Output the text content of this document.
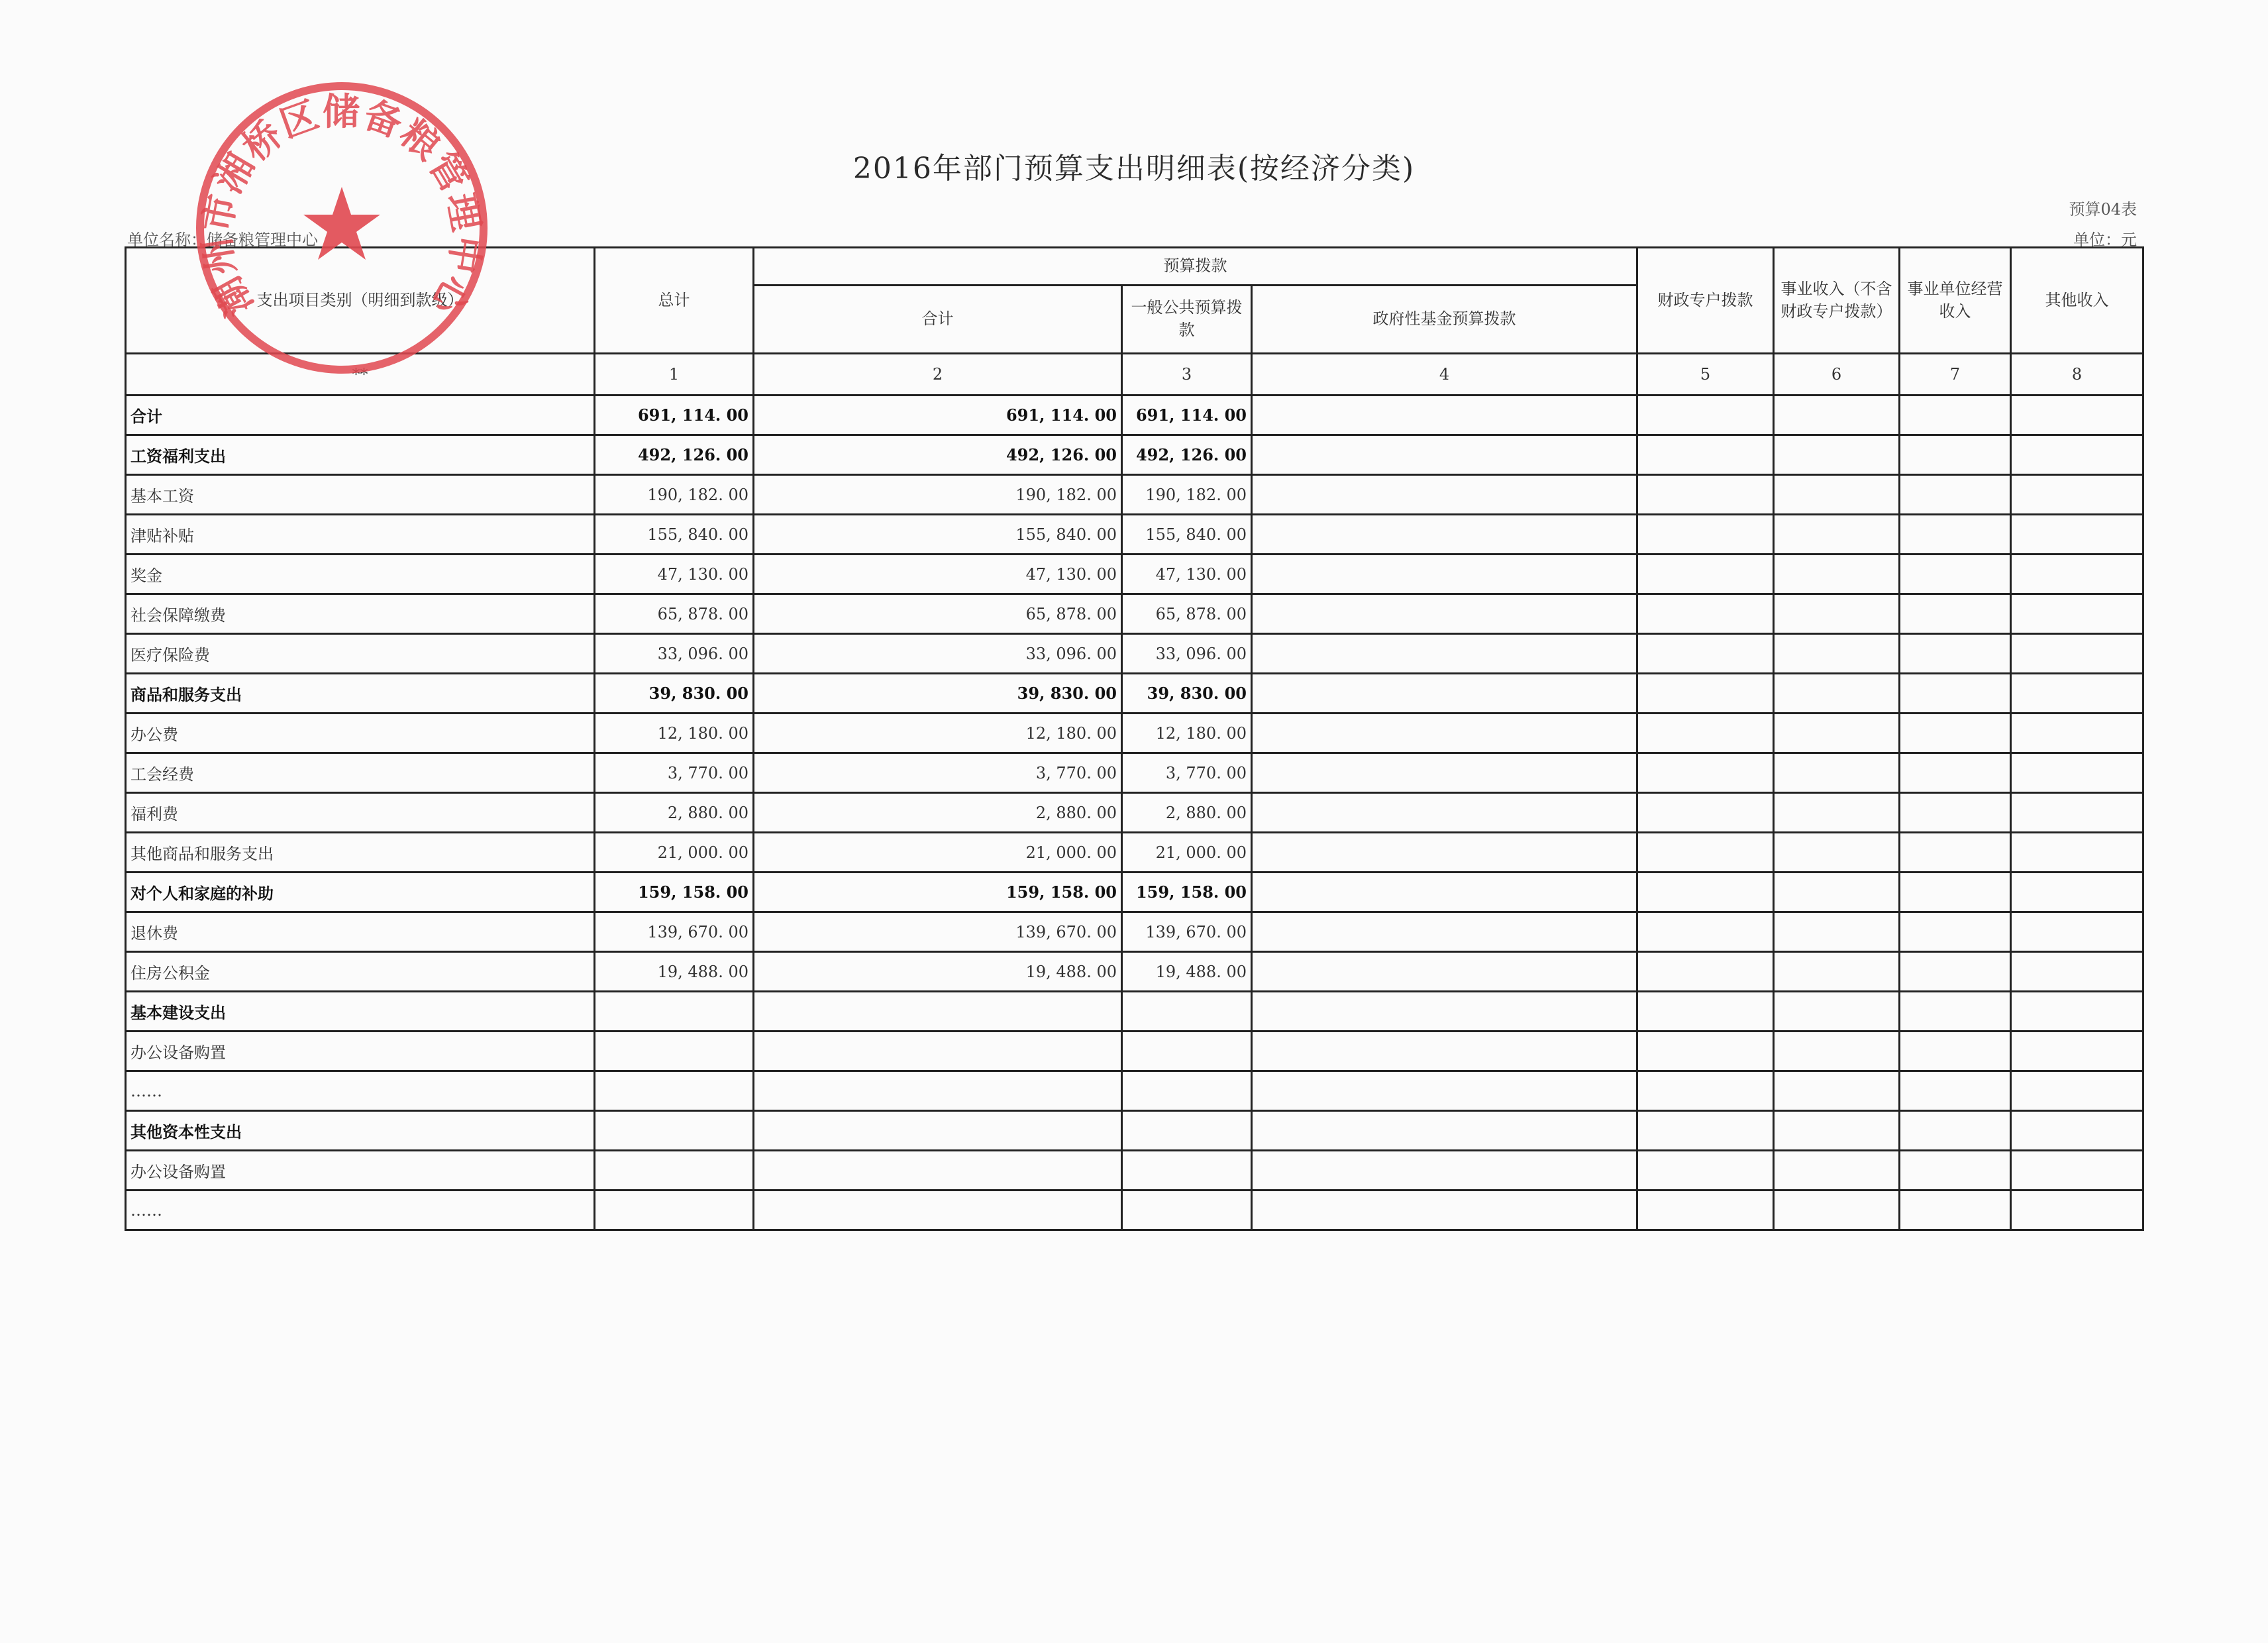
2016年部门预算支出明细表(按经济分类)
预算04表
单位名称：储备粮管理中心	单位：元
支出项目类别（明细到款级）	总计	预算拨款			财政专户拨款	事业收入（不含财政专户拨款）	事业单位经营收入	其他收入
		合计	一般公共预算拨款	政府性基金预算拨款				
**	1	2	3	4	5	6	7	8
合计	691, 114. 00	691, 114. 00	691, 114. 00					
工资福利支出	492, 126. 00	492, 126. 00	492, 126. 00					
基本工资	190, 182. 00	190, 182. 00	190, 182. 00					
津贴补贴	155, 840. 00	155, 840. 00	155, 840. 00					
奖金	47, 130. 00	47, 130. 00	47, 130. 00					
社会保障缴费	65, 878. 00	65, 878. 00	65, 878. 00					
医疗保险费	33, 096. 00	33, 096. 00	33, 096. 00					
商品和服务支出	39, 830. 00	39, 830. 00	39, 830. 00					
办公费	12, 180. 00	12, 180. 00	12, 180. 00					
工会经费	3, 770. 00	3, 770. 00	3, 770. 00					
福利费	2, 880. 00	2, 880. 00	2, 880. 00					
其他商品和服务支出	21, 000. 00	21, 000. 00	21, 000. 00					
对个人和家庭的补助	159, 158. 00	159, 158. 00	159, 158. 00					
退休费	139, 670. 00	139, 670. 00	139, 670. 00					
住房公积金	19, 488. 00	19, 488. 00	19, 488. 00					
基本建设支出								
办公设备购置								
……								
其他资本性支出								
办公设备购置								
……								
潮州市湘桥区储备粮管理中心
